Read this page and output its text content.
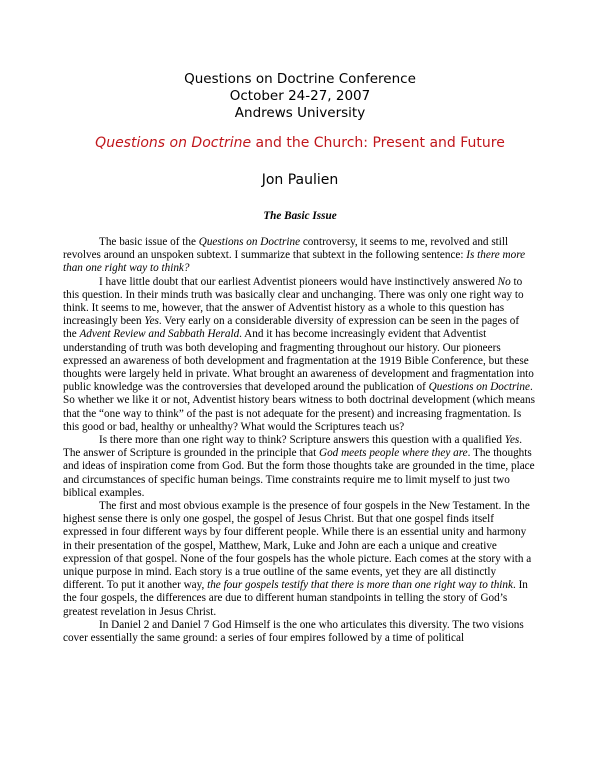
Questions on Doctrine Conference
October 24-27, 2007
Andrews University
Questions on Doctrine and the Church: Present and Future
Jon Paulien
The Basic Issue

The basic issue of the Questions on Doctrine controversy, it seems to me, revolved and still revolves around an unspoken subtext. I summarize that subtext in the following sentence: Is there more than one right way to think?

I have little doubt that our earliest Adventist pioneers would have instinctively answered No to this question. In their minds truth was basically clear and unchanging. There was only one right way to think. It seems to me, however, that the answer of Adventist history as a whole to this question has increasingly been Yes. Very early on a considerable diversity of expression can be seen in the pages of the Advent Review and Sabbath Herald. And it has become increasingly evident that Adventist understanding of truth was both developing and fragmenting throughout our history. Our pioneers expressed an awareness of both development and fragmentation at the 1919 Bible Conference, but these thoughts were largely held in private. What brought an awareness of development and fragmentation into public knowledge was the controversies that developed around the publication of Questions on Doctrine. So whether we like it or not, Adventist history bears witness to both doctrinal development (which means that the “one way to think” of the past is not adequate for the present) and increasing fragmentation. Is this good or bad, healthy or unhealthy? What would the Scriptures teach us?

Is there more than one right way to think? Scripture answers this question with a qualified Yes. The answer of Scripture is grounded in the principle that God meets people where they are. The thoughts and ideas of inspiration come from God. But the form those thoughts take are grounded in the time, place and circumstances of specific human beings. Time constraints require me to limit myself to just two biblical examples.

The first and most obvious example is the presence of four gospels in the New Testament. In the highest sense there is only one gospel, the gospel of Jesus Christ. But that one gospel finds itself expressed in four different ways by four different people. While there is an essential unity and harmony in their presentation of the gospel, Matthew, Mark, Luke and John are each a unique and creative expression of that gospel. None of the four gospels has the whole picture. Each comes at the story with a unique purpose in mind. Each story is a true outline of the same events, yet they are all distinctly different. To put it another way, the four gospels testify that there is more than one right way to think. In the four gospels, the differences are due to different human standpoints in telling the story of God’s greatest revelation in Jesus Christ.

In Daniel 2 and Daniel 7 God Himself is the one who articulates this diversity. The two visions cover essentially the same ground: a series of four empires followed by a time of political
